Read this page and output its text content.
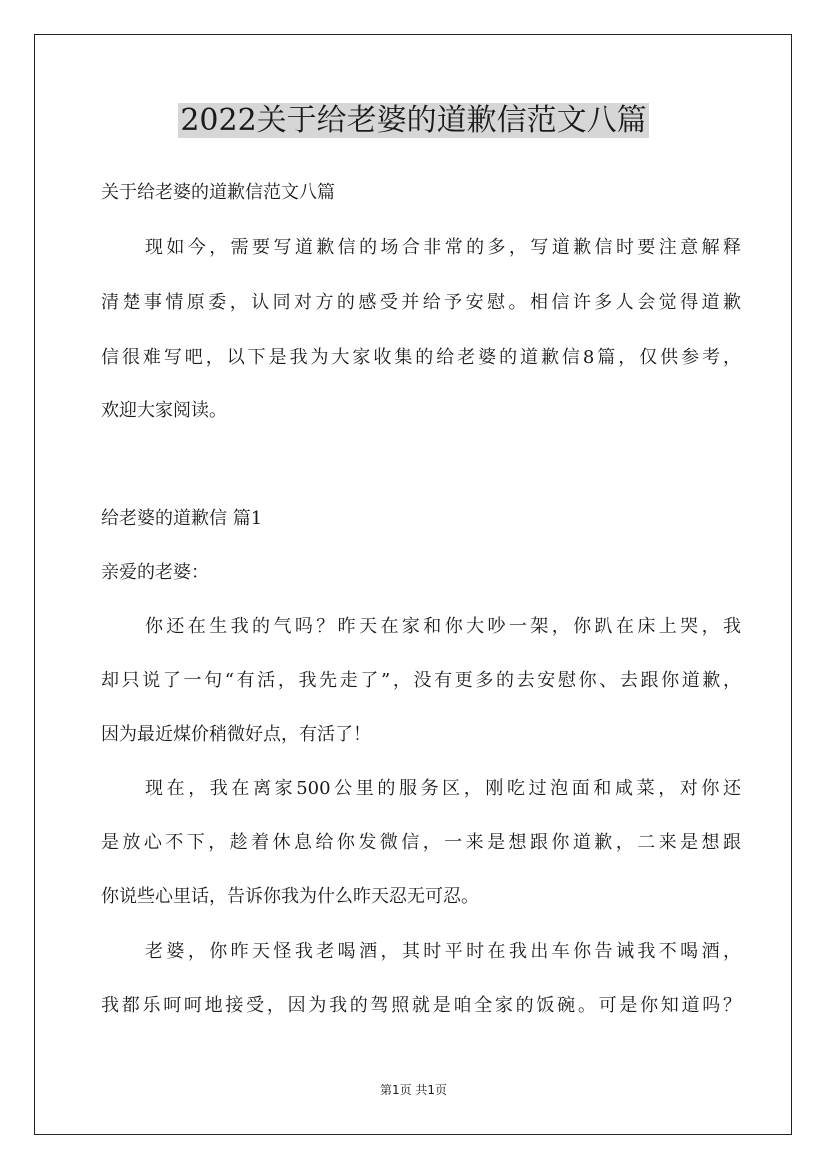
2022关于给老婆的道歉信范文八篇

关于给老婆的道歉信范文八篇

现如今，需要写道歉信的场合非常的多，写道歉信时要注意解释

清楚事情原委，认同对方的感受并给予安慰。相信许多人会觉得道歉

信很难写吧，以下是我为大家收集的给老婆的道歉信8篇，仅供参考，

欢迎大家阅读。

给老婆的道歉信 篇1

亲爱的老婆：

你还在生我的气吗？昨天在家和你大吵一架，你趴在床上哭，我

却只说了一句“有活，我先走了”，没有更多的去安慰你、去跟你道歉，

因为最近煤价稍微好点，有活了！

现在，我在离家500公里的服务区，刚吃过泡面和咸菜，对你还

是放心不下，趁着休息给你发微信，一来是想跟你道歉，二来是想跟

你说些心里话，告诉你我为什么昨天忍无可忍。

老婆，你昨天怪我老喝酒，其时平时在我出车你告诫我不喝酒，

我都乐呵呵地接受，因为我的驾照就是咱全家的饭碗。可是你知道吗？

第1页 共1页
